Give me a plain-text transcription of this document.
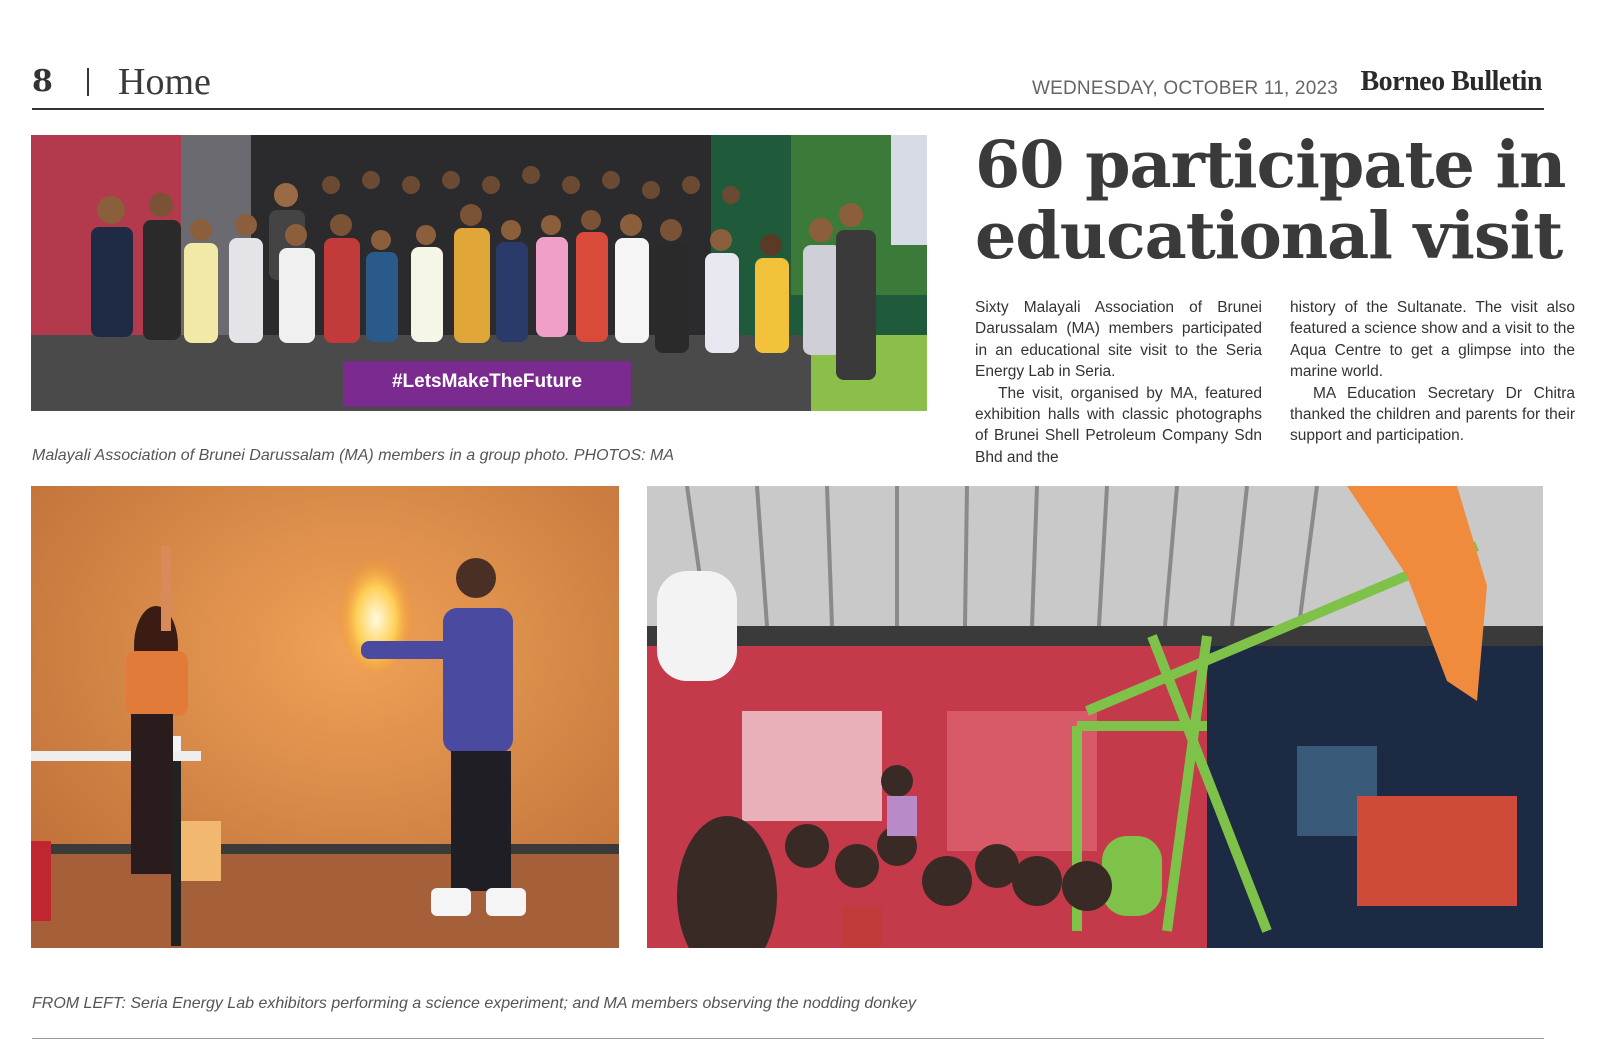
8 Home	WEDNESDAY, OCTOBER 11, 2023 Borneo Bulletin
#LetsMakeTheFuture
60 participate in
educational visit

Sixty Malayali Association of Brunei Darussalam (MA) members participated in an educational site visit to the Seria Energy Lab in Seria.

The visit, organised by MA, featured exhibition halls with classic photographs of Brunei Shell Petroleum Company Sdn Bhd and the

history of the Sultanate. The visit also featured a science show and a visit to the Aqua Centre to get a glimpse into the marine world.

MA Education Secretary Dr Chitra thanked the children and parents for their support and participation.

Malayali Association of Brunei Darussalam (MA) members in a group photo. PHOTOS: MA
FROM LEFT: Seria Energy Lab exhibitors performing a science experiment; and MA members observing the nodding donkey
